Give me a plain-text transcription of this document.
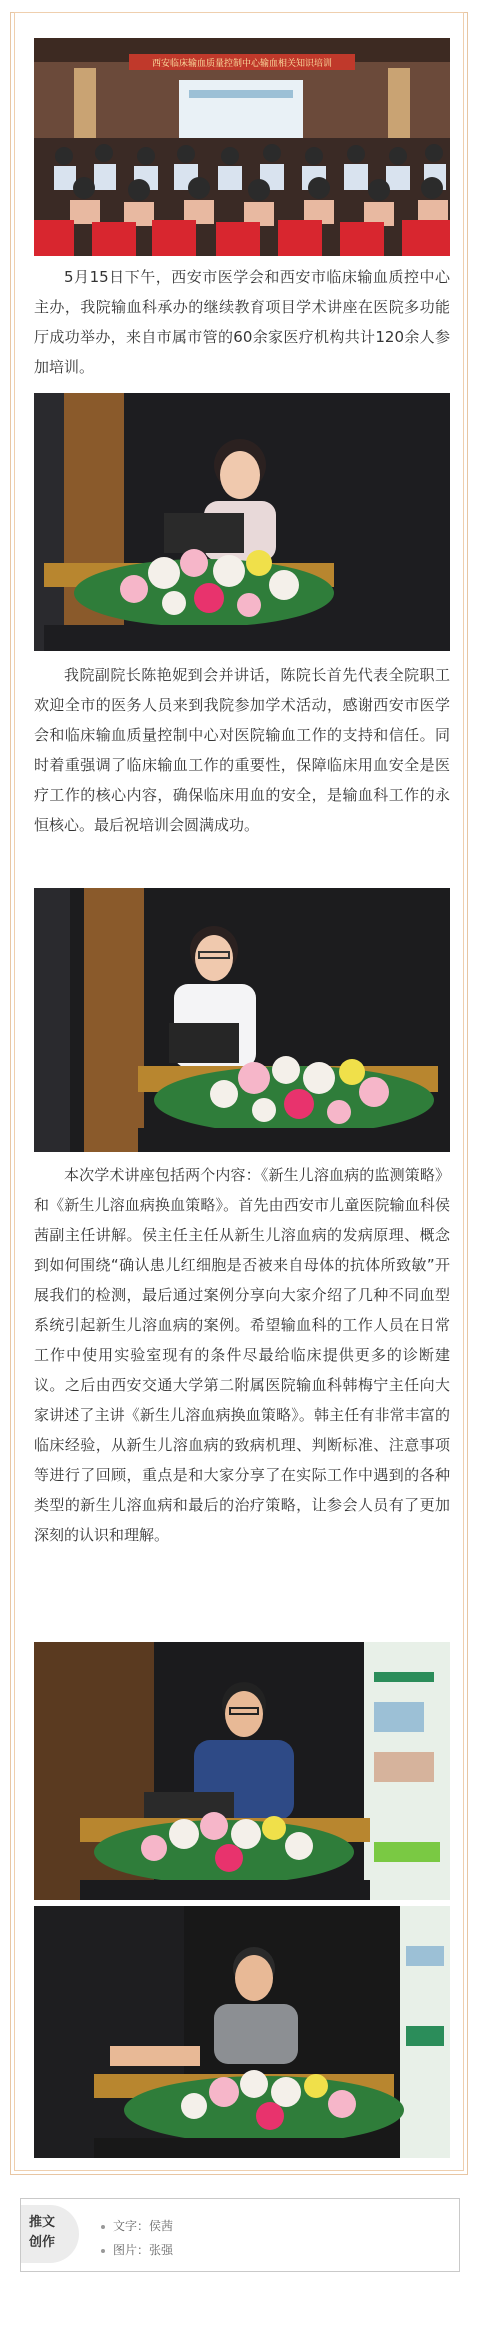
西安临床输血质量控制中心输血相关知识培训

5月15日下午，西安市医学会和西安市临床输血质控中心主办，我院输血科承办的继续教育项目学术讲座在医院多功能厅成功举办，来自市属市管的60余家医疗机构共计120余人参加培训。

我院副院长陈艳妮到会并讲话，陈院长首先代表全院职工欢迎全市的医务人员来到我院参加学术活动，感谢西安市医学会和临床输血质量控制中心对医院输血工作的支持和信任。同时着重强调了临床输血工作的重要性，保障临床用血安全是医疗工作的核心内容，确保临床用血的安全，是输血科工作的永恒核心。最后祝培训会圆满成功。

本次学术讲座包括两个内容：《新生儿溶血病的监测策略》和《新生儿溶血病换血策略》。首先由西安市儿童医院输血科侯茜副主任讲解。侯主任主任从新生儿溶血病的发病原理、概念到如何围绕“确认患儿红细胞是否被来自母体的抗体所致敏”开展我们的检测，最后通过案例分享向大家介绍了几种不同血型系统引起新生儿溶血病的案例。希望输血科的工作人员在日常工作中使用实验室现有的条件尽最给临床提供更多的诊断建议。之后由西安交通大学第二附属医院输血科韩梅宁主任向大家讲述了主讲《新生儿溶血病换血策略》。韩主任有非常丰富的临床经验，从新生儿溶血病的致病机理、判断标准、注意事项等进行了回顾，重点是和大家分享了在实际工作中遇到的各种类型的新生儿溶血病和最后的治疗策略，让参会人员有了更加深刻的认识和理解。

推文创作
文字：侯茜
图片：张强
